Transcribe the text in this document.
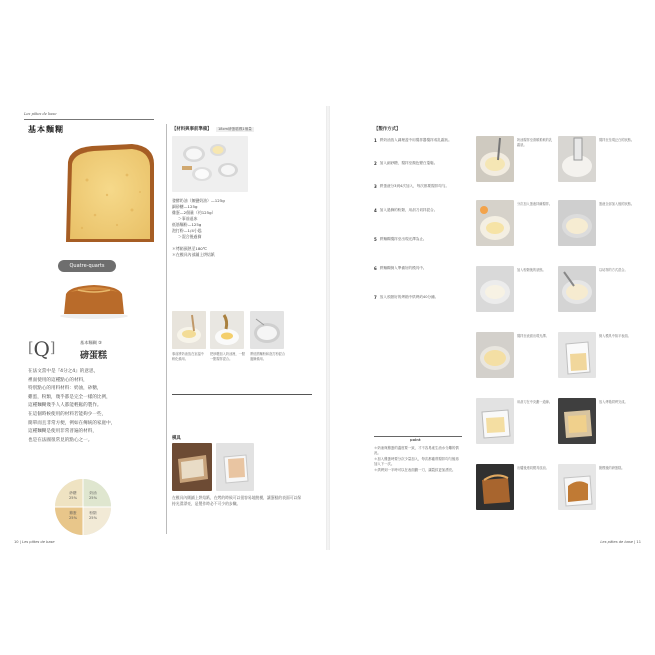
Les pâtes de base
基本麵糊
Quatre-quarts
[Q]	基本麵糊 ③
磅蛋糕
在法文當中是『4分之4』的意思，
裡面使用的這種點心的材料，
特別點心的用料材料：奶油，砂糖，
雞蛋，粉類，幾乎都是完全一樣的比例，
這種麵糊幾乎人人都能輕鬆的製作。
在這個時候使用的材料若能夠少一些，
簡單而且非常方便，例如在傳統的家庭中，
這種麵糊是使用非常普遍的材料，
也是在法國很常見的點心之一。
砂糖
25%
奶油
25%
雞蛋
25%
粉類
25%
【材料與事前準備】	18cm磅蛋糕模1個量
發酵奶油（無鹽奶油）—125g
細砂糖—125g
雞蛋—2個量（約125g）
＞事前退冰
低筋麵粉—125g
泡打粉—1/4小匙
＞混合後過篩
＊烤箱預熱至180℃
＊在模具內部鋪上烘焙紙
事前將奶油放在室溫中軟化備用。
把砂糖加入奶油裡，一點一點攪拌混合。
將低筋麵粉和泡打粉混合過篩備用。
模具
在模具內側鋪上烘焙紙，在烤的時候可以很容易地脫模，讓蛋糕的表面可以保持光滑漂亮，是製作時必不可少的步驟。
10 | Les pâtes de base
【製作方式】
1 將奶油放入調理盆中用攪拌器攪拌成乳霜狀。
2 加入細砂糖，攪拌至顏色變白蓬鬆。
3 將蛋液分3到4次加入，每次都要攪拌均勻。
4 加入過篩的粉類，用刮刀切拌混合。
5 將麵糊攪拌至出現光澤為止。
6 將麵糊倒入準備好的模具中。
7 放入預熱好的烤箱中烘烤約40分鐘。
point
＊奶油與雞蛋的溫度要一致，才不容易產生油水分離的情況。
＊加入雞蛋時要分次少量加入，每次都確實攪拌均勻後再加入下一次。
＊烘烤到一半時可以在表面劃一刀，讓裂紋更加漂亮。
奶油攪拌至滑順柔軟的乳霜狀。
攪拌至呈現泛白的狀態。
分次加入蛋液持續攪拌。	蛋液全部加入後的狀態。
加入粉類後的狀態。	以切拌的方式混合。
攪拌至表面出現光澤。	倒入模具中抹平表面。
用刮刀在中央劃一道線。	放入烤箱烘烤完成。
出爐後連同模具放涼。	脫模後的磅蛋糕。
Les pâtes de base | 11
